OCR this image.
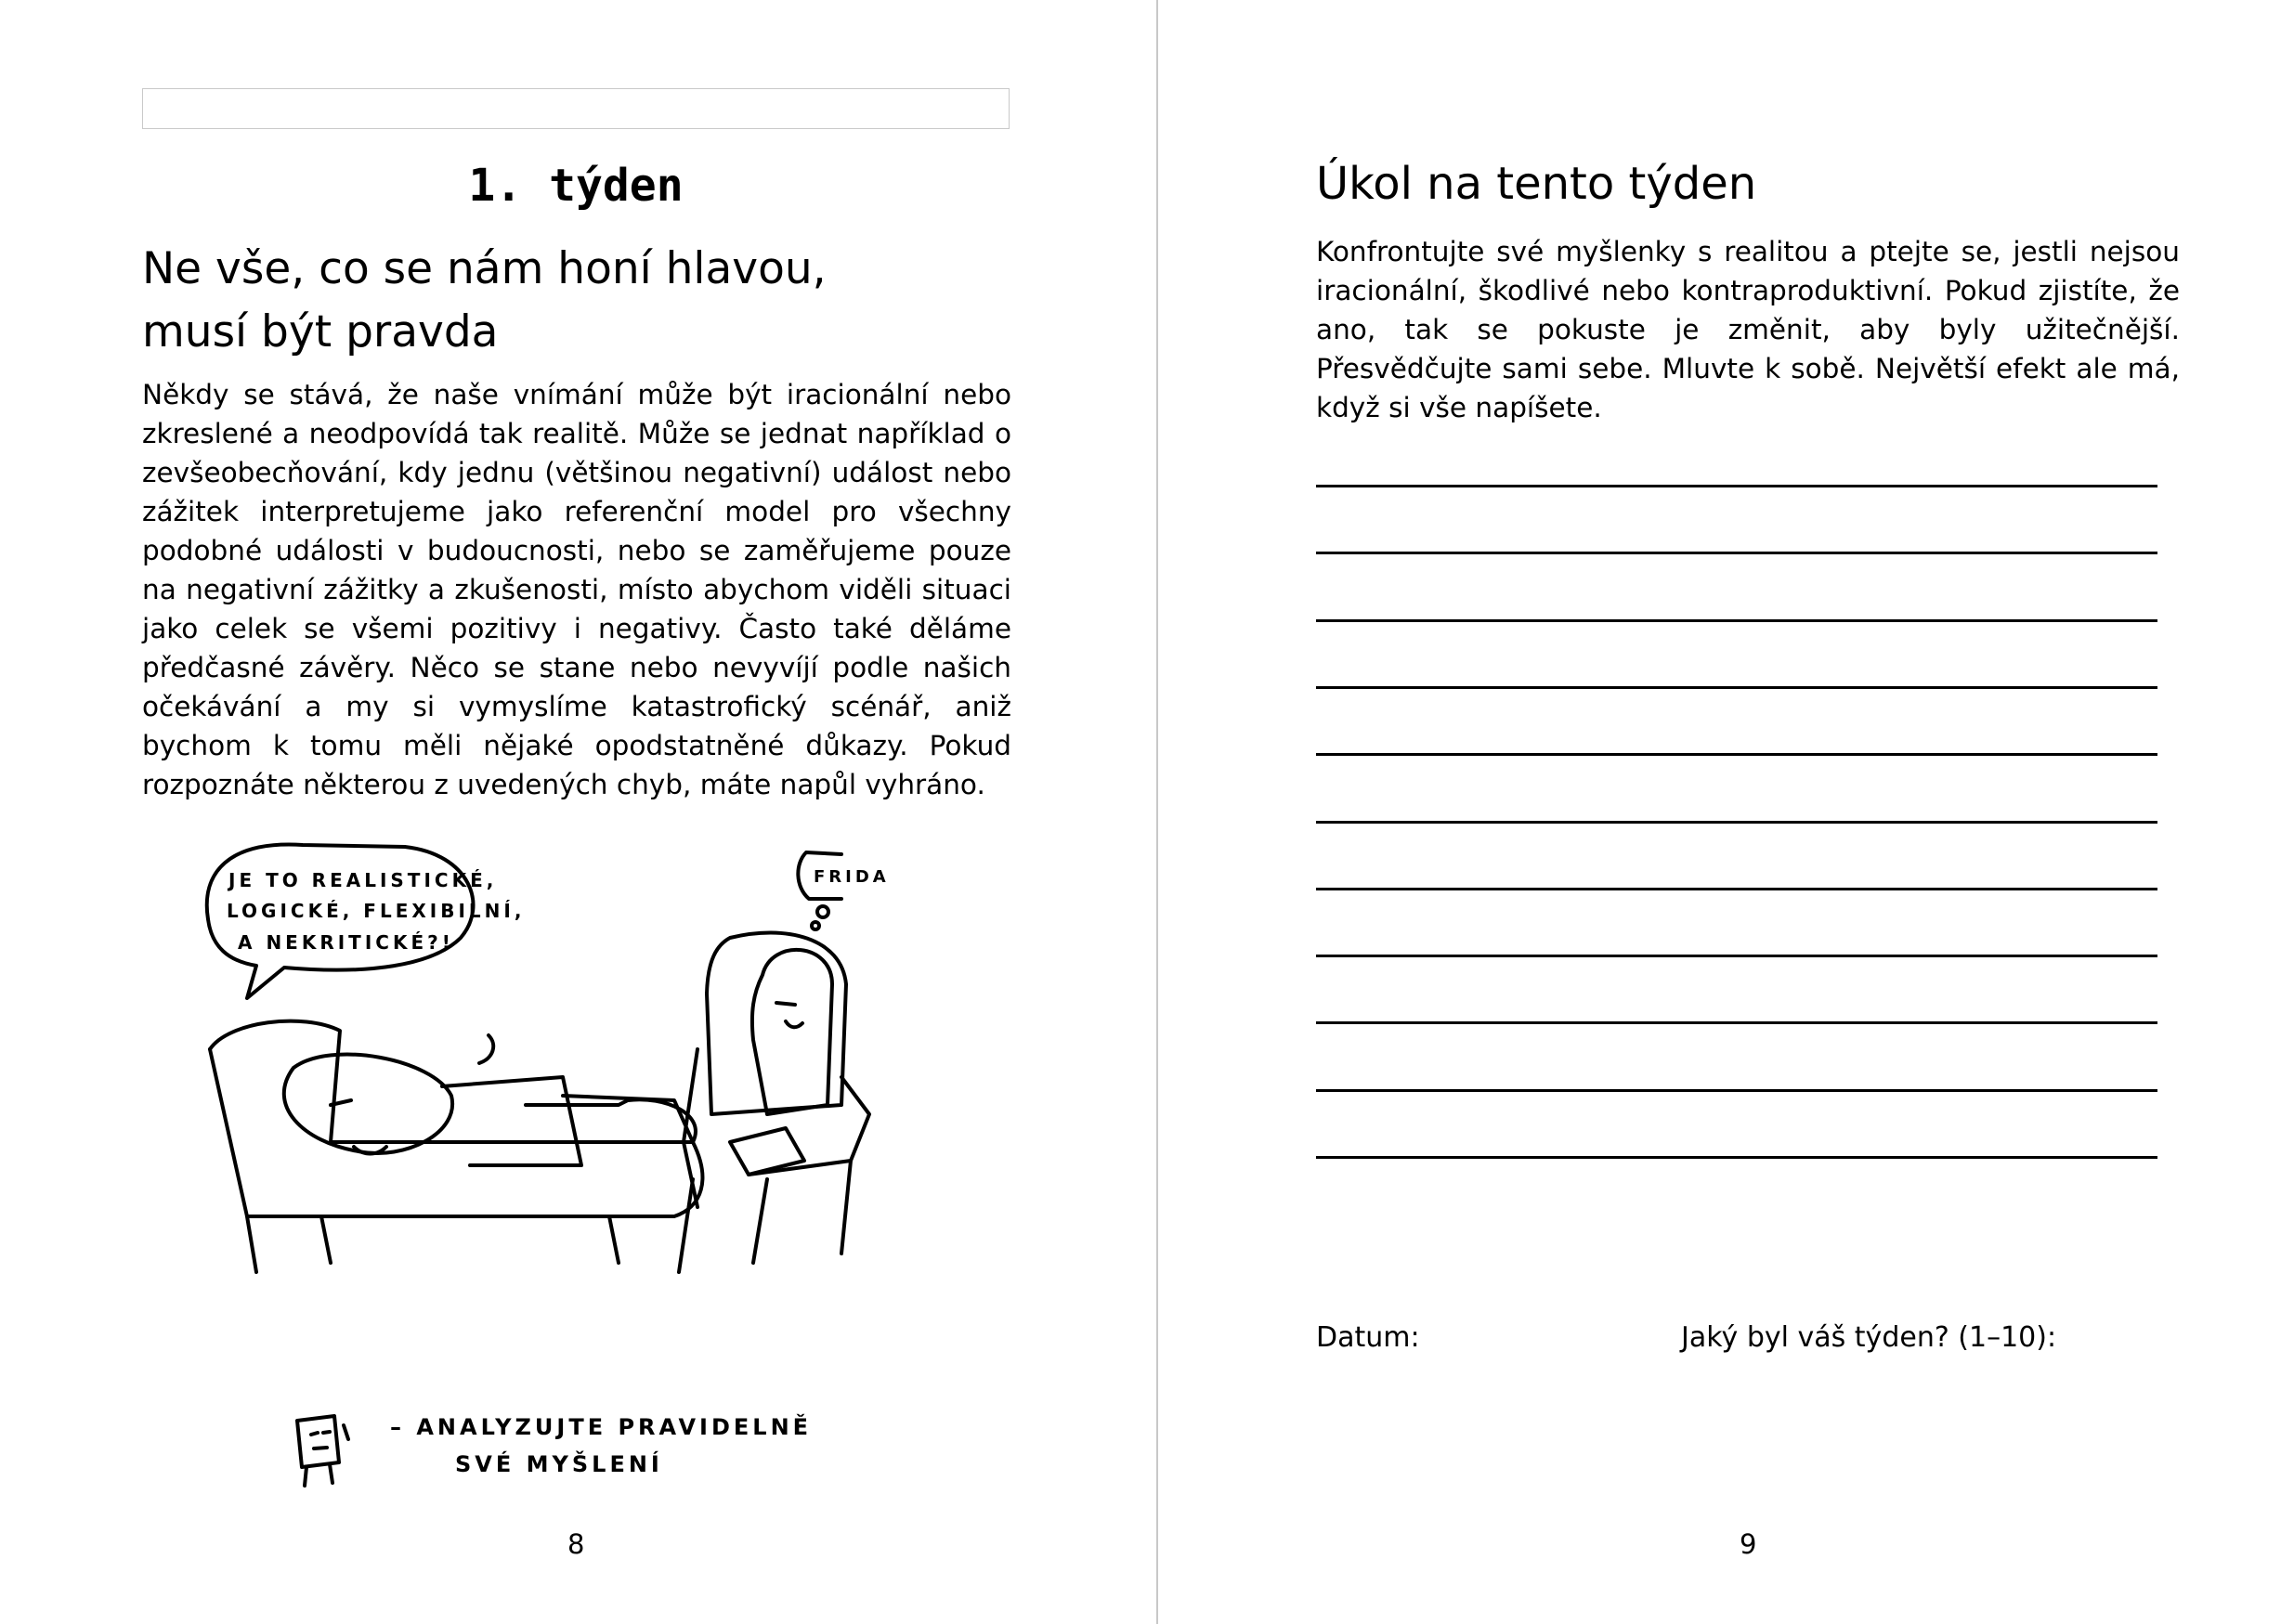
1. týden
Ne vše, co se nám honí hlavou,
musí být pravda
Někdy se stává, že naše vnímání může být iracionální nebo zkreslené a neodpovídá tak realitě. Může se jednat například o zevšeobecňování, kdy jednu (většinou negativní) událost nebo zážitek interpretujeme jako referenční model pro všechny podobné události v budoucnosti, nebo se zaměřujeme pouze na negativní zážitky a zkušenosti, místo abychom viděli situaci jako celek se všemi pozitivy i negativy. Často také děláme předčasné závěry. Něco se stane nebo nevyvíjí podle našich očekávání a my si vymyslíme katastrofický scénář, aniž bychom k tomu měli nějaké opodstatněné důkazy. Pokud rozpoznáte některou z uvedených chyb, máte napůl vyhráno.
JE TO REALISTICKÉ,
LOGICKÉ, FLEXIBILNÍ,
A NEKRITICKÉ?!
FRIDA
– ANALYZUJTE PRAVIDELNĚ
SVÉ MYŠLENÍ
8
Úkol na tento týden
Konfrontujte své myšlenky s realitou a ptejte se, jestli nejsou iracionální, škodlivé nebo kontraproduktivní. Pokud zjistíte, že ano, tak se pokuste je změnit, aby byly užitečnější. Přesvědčujte sami sebe. Mluvte k sobě. Největší efekt ale má, když si vše napíšete.
Datum:	Jaký byl váš týden? (1–10):
9
